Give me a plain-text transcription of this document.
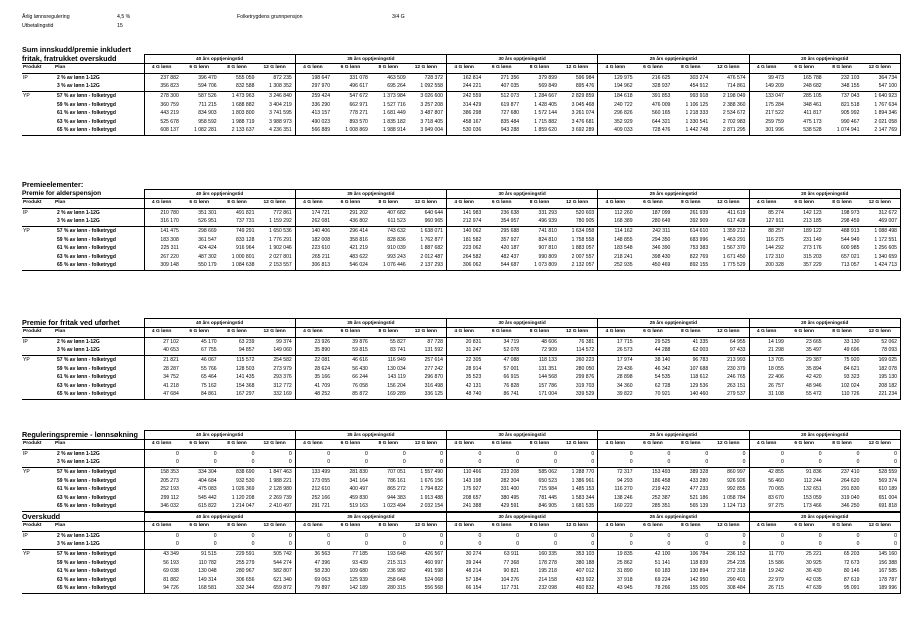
Årlig lønnsregulering	4,5 %	Folketrygdens grunnpensjon	3/4 G
Utbetalingstid	15
Sum innskudd/premie inkludert
fritak, fratrukket overskudd
			40 års opptjeningstid				35 års opptjeningstid				30 års opptjeningstid				25 års opptjeningstid				20 års opptjeningstid			
Produkt	Plan	4 G lønn	6 G lønn	8 G lønn	12 G lønn	4 G lønn	6 G lønn	8 G lønn	12 G lønn	4 G lønn	6 G lønn	8 G lønn	12 G lønn	4 G lønn	6 G lønn	8 G lønn	12 G lønn	4 G lønn	6 G lønn	8 G lønn	12 G lønn
IP	2 % av lønn 1-12G	237 882	396 470	555 059	872 235	198 647	331 078	463 509	728 372	162 814	271 356	379 899	596 984	129 975	216 625	303 274	476 574	99 473	165 788	232 103	364 734
	3 % av lønn 1-12G	356 823	594 706	832 588	1 308 352	297 970	496 617	695 264	1 092 558	244 221	407 035	569 849	895 476	194 962	328 937	454 912	714 861	149 209	248 682	348 155	547 100
YP	57 % av lønn - folketrygd	278 300	587 526	1 473 963	3 246 840	259 424	547 672	1 373 984	3 026 600	242 559	512 073	1 284 667	2 829 859	184 618	391 853	993 918	2 198 049	133 047	285 105	737 043	1 640 923
	59 % av lønn - folketrygd	360 759	711 215	1 688 882	3 404 219	336 290	662 971	1 527 716	3 257 208	314 429	619 877	1 428 405	3 045 468	240 722	476 009	1 106 125	2 388 360	175 284	348 461	821 518	1 767 634
	61 % av lønn - folketrygd	443 219	834 903	1 803 800	3 741 595	413 157	778 271	1 681 449	3 487 807	386 298	727 680	1 572 144	3 261 074	296 826	560 165	1 218 333	2 534 672	217 522	411 817	905 992	1 894 346
	63 % av lønn - folketrygd	525 678	958 592	1 988 719	3 988 973	490 023	893 570	1 835 182	3 718 405	458 167	835 484	1 715 882	3 476 681	352 929	644 321	1 330 541	2 702 983	259 759	475 173	990 467	2 021 058
	65 % av lønn - folketrygd	608 137	1 082 281	2 133 637	4 236 351	566 889	1 008 869	1 988 914	3 949 004	530 036	943 288	1 859 620	3 692 289	409 033	728 476	1 442 748	2 871 295	301 996	538 528	1 074 941	2 147 769
Premieelementer:
Premie for alderspensjon
			40 års opptjeningstid				35 års opptjeningstid				30 års opptjeningstid				25 års opptjeningstid				20 års opptjeningstid			
Produkt	Plan	4 G lønn	6 G lønn	8 G lønn	12 G lønn	4 G lønn	6 G lønn	8 G lønn	12 G lønn	4 G lønn	6 G lønn	8 G lønn	12 G lønn	4 G lønn	6 G lønn	8 G lønn	12 G lønn	4 G lønn	6 G lønn	8 G lønn	12 G lønn
IP	2 % av lønn 1-12G	210 780	351 301	491 821	772 861	174 721	291 202	407 682	640 644	141 983	236 638	331 293	520 603	112 260	187 099	261 939	411 619	85 274	142 123	198 973	312 672
	3 % av lønn 1-12G	316 170	526 951	737 731	1 159 292	262 081	436 802	611 523	960 965	212 974	354 957	496 939	780 905	168 389	280 649	392 909	617 428	127 911	213 185	298 459	469 007
YP	57 % av lønn - folketrygd	141 475	298 669	749 291	1 650 536	140 406	296 414	743 632	1 638 071	140 062	295 688	741 810	1 634 058	114 162	242 311	614 610	1 359 212	88 257	189 122	488 913	1 088 498
	59 % av lønn - folketrygd	183 308	361 547	833 128	1 776 291	182 008	358 816	828 836	1 762 877	181 582	357 927	824 810	1 758 558	148 855	294 350	683 996	1 463 291	116 275	231 149	544 949	1 172 551
	61 % av lønn - folketrygd	225 311	424 424	916 964	1 902 046	223 610	421 219	910 039	1 887 682	223 062	420 187	907 810	1 883 057	183 548	346 390	753 383	1 567 370	144 292	273 176	600 985	1 256 605
	63 % av lønn - folketrygd	267 220	487 302	1 000 801	2 027 801	265 211	483 622	993 243	2 012 487	264 582	482 437	990 809	2 007 557	218 241	398 430	822 769	1 671 450	172 310	315 203	657 021	1 340 659
	65 % av lønn - folketrygd	309 148	550 179	1 084 638	2 153 557	306 813	546 024	1 076 446	2 137 293	306 062	544 687	1 073 809	2 132 057	252 935	450 469	892 155	1 775 529	200 328	357 229	713 057	1 424 713
Premie for fritak ved uførhet
			40 års opptjeningstid				35 års opptjeningstid				30 års opptjeningstid				25 års opptjeningstid				20 års opptjeningstid			
Produkt	Plan	4 G lønn	6 G lønn	8 G lønn	12 G lønn	4 G lønn	6 G lønn	8 G lønn	12 G lønn	4 G lønn	6 G lønn	8 G lønn	12 G lønn	4 G lønn	6 G lønn	8 G lønn	12 G lønn	4 G lønn	6 G lønn	8 G lønn	12 G lønn
IP	2 % av lønn 1-12G	27 102	45 170	63 239	99 374	23 926	39 876	55 827	87 728	20 831	34 719	48 606	76 381	17 715	29 525	41 335	64 955	14 199	23 665	33 130	52 062
	3 % av lønn 1-12G	40 653	67 755	94 857	149 060	35 890	59 815	83 741	131 592	31 247	52 078	72 909	114 572	26 573	44 288	62 003	97 433	21 298	35 497	49 696	78 093
YP	57 % av lønn - folketrygd	21 821	46 067	115 572	254 582	22 081	46 616	116 949	257 614	22 305	47 088	118 133	260 223	17 974	38 140	96 783	213 993	13 705	29 387	75 920	169 025
	59 % av lønn - folketrygd	28 287	55 766	128 503	273 979	28 624	56 430	130 034	277 242	28 914	57 001	131 351	280 050	23 436	46 342	107 688	230 379	18 055	35 894	84 621	182 078
	61 % av lønn - folketrygd	34 752	65 464	141 435	293 376	35 166	66 244	143 119	296 870	35 523	66 915	144 568	299 876	28 898	54 535	118 612	246 765	22 406	42 420	93 323	195 130
	63 % av lønn - folketrygd	41 218	75 162	154 368	312 772	41 709	76 058	156 204	316 498	42 131	76 828	157 786	319 703	34 360	62 728	129 536	263 151	26 757	48 946	102 024	208 182
	65 % av lønn - folketrygd	47 684	84 861	167 297	332 169	48 252	85 872	169 289	336 125	48 740	86 741	171 004	339 529	39 822	70 921	140 460	279 537	31 108	55 472	110 726	221 234
Reguleringspremie - lønnsøkning
			40 års opptjeningstid				35 års opptjeningstid				30 års opptjeningstid				25 års opptjeningstid				20 års opptjeningstid			
Produkt	Plan	4 G lønn	6 G lønn	8 G lønn	12 G lønn	4 G lønn	6 G lønn	8 G lønn	12 G lønn	4 G lønn	6 G lønn	8 G lønn	12 G lønn	4 G lønn	6 G lønn	8 G lønn	12 G lønn	4 G lønn	6 G lønn	8 G lønn	12 G lønn
IP	2 % av lønn 1-12G	0	0	0	0	0	0	0	0	0	0	0	0	0	0	0	0	0	0	0	0
	3 % av lønn 1-12G	0	0	0	0	0	0	0	0	0	0	0	0	0	0	0	0	0	0	0	0
YP	57 % av lønn - folketrygd	158 353	334 304	838 690	1 847 463	133 499	281 830	707 051	1 557 490	110 466	233 208	585 062	1 288 770	72 317	153 493	389 328	860 997	42 855	91 836	237 410	528 559
	59 % av lønn - folketrygd	205 273	404 684	932 530	1 988 221	173 055	341 164	786 161	1 676 156	143 198	282 304	650 523	1 386 961	94 293	186 458	433 280	926 926	56 460	112 244	264 620	569 374
	61 % av lønn - folketrygd	252 193	475 083	1 026 369	2 128 980	212 610	400 497	865 272	1 794 822	175 927	331 400	715 984	1 485 153	116 270	219 422	477 233	992 855	70 065	132 651	291 830	610 189
	63 % av lønn - folketrygd	299 112	545 442	1 120 208	2 269 739	252 166	459 830	944 383	1 913 488	208 657	380 495	781 445	1 583 344	138 246	252 387	521 186	1 058 784	83 670	153 059	319 040	651 004
	65 % av lønn - folketrygd	346 032	615 822	1 214 047	2 410 497	291 721	519 163	1 023 494	2 032 154	241 388	429 591	846 905	1 681 535	160 222	285 351	565 139	1 124 713	97 275	173 466	346 250	691 818
Overskudd
			40 års opptjeningstid				35 års opptjeningstid				30 års opptjeningstid				25 års opptjeningstid				20 års opptjeningstid			
Produkt	Plan	4 G lønn	6 G lønn	8 G lønn	12 G lønn	4 G lønn	6 G lønn	8 G lønn	12 G lønn	4 G lønn	6 G lønn	8 G lønn	12 G lønn	4 G lønn	6 G lønn	8 G lønn	12 G lønn	4 G lønn	6 G lønn	8 G lønn	12 G lønn
IP	2 % av lønn 1-12G	0	0	0	0	0	0	0	0	0	0	0	0	0	0	0	0	0	0	0	0
	3 % av lønn 1-12G	0	0	0	0	0	0	0	0	0	0	0	0	0	0	0	0	0	0	0	0
YP	57 % av lønn - folketrygd	43 349	91 515	229 591	505 742	36 563	77 185	193 648	426 567	30 274	63 911	160 335	353 103	19 835	42 100	106 784	236 152	11 770	25 221	65 203	145 160
	59 % av lønn - folketrygd	56 193	110 782	255 279	544 274	47 396	93 439	215 313	460 997	39 244	77 368	178 278	380 188	25 862	51 141	118 839	254 235	15 586	30 925	72 673	156 388
	61 % av lønn - folketrygd	69 038	130 048	280 967	582 807	58 230	109 680	236 982	491 598	48 214	90 821	195 218	407 012	31 890	60 183	130 894	272 318	19 242	36 430	80 146	167 585
	63 % av lønn - folketrygd	81 882	149 314	306 656	621 340	69 063	125 939	258 648	524 068	57 184	104 276	214 158	433 922	37 918	69 224	142 950	290 401	22 979	42 035	87 619	178 787
	65 % av lønn - folketrygd	94 726	168 581	332 344	659 872	79 897	142 189	280 315	556 568	66 154	117 731	232 098	460 832	43 945	78 266	155 005	308 484	26 715	47 639	95 091	189 996
